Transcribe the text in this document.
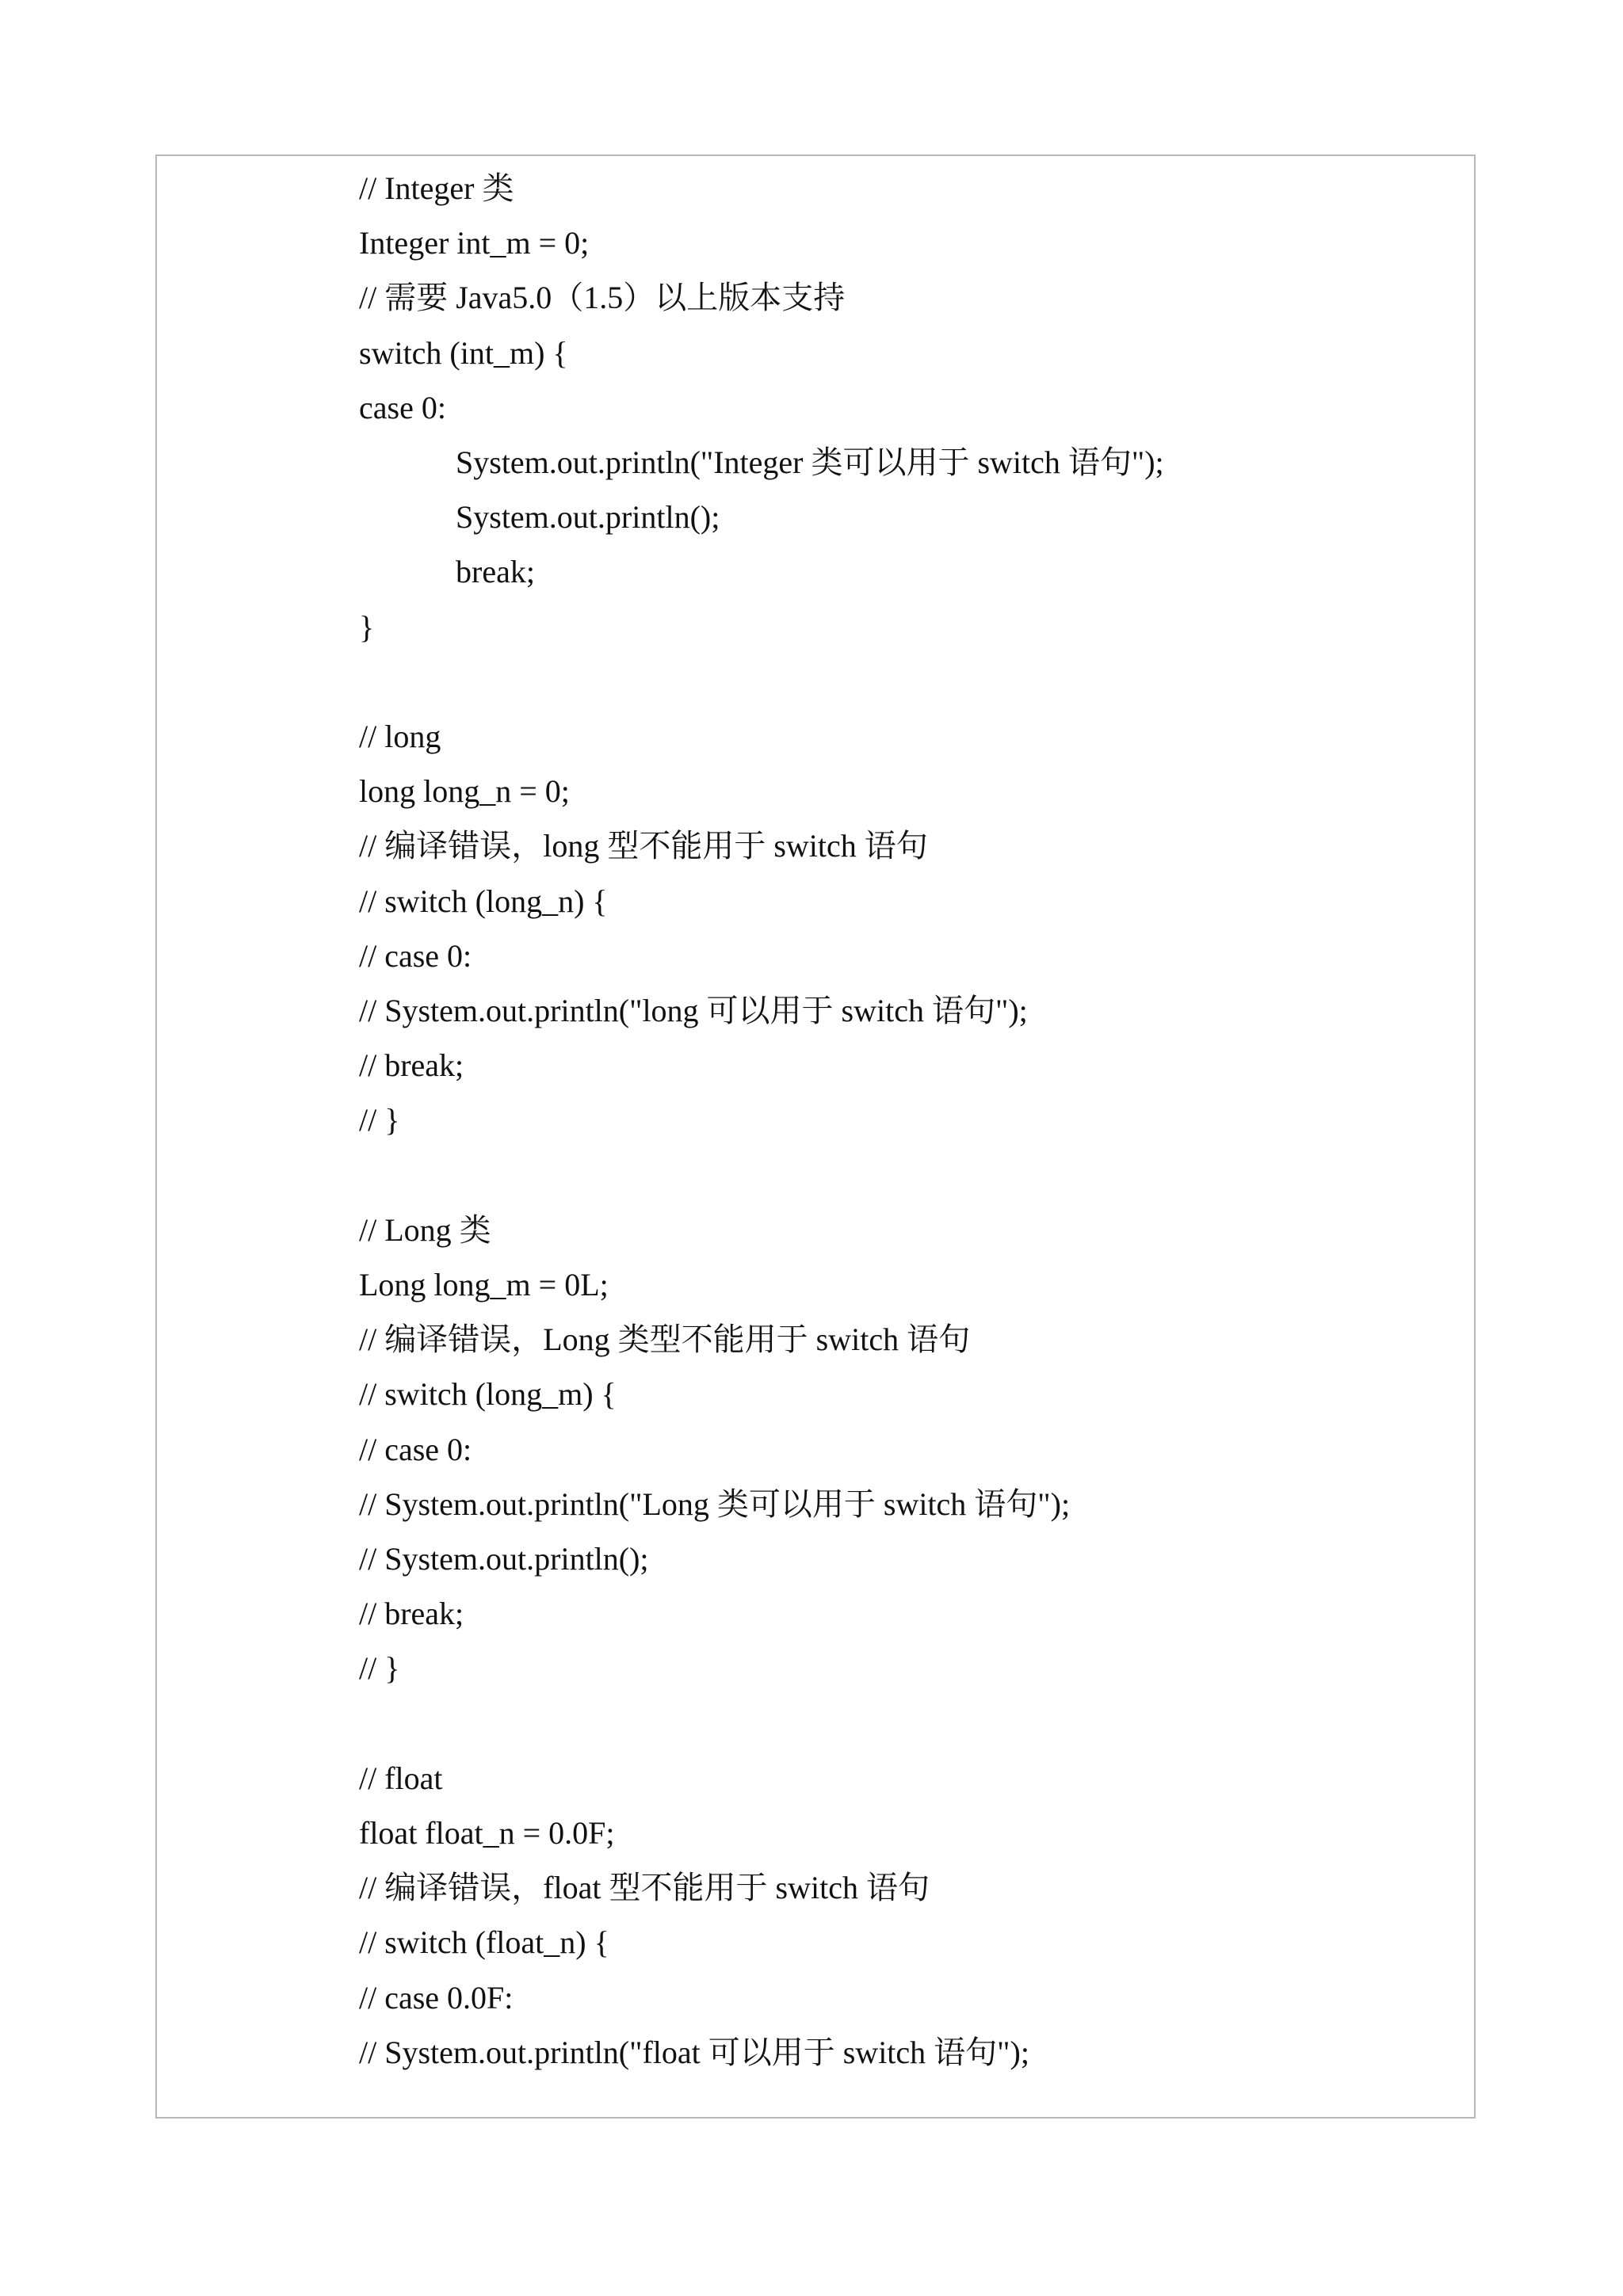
// Integer 类
Integer int_m = 0;
// 需要 Java5.0（1.5）以上版本支持
switch (int_m) {
case 0:
System.out.println("Integer 类可以用于 switch 语句");
System.out.println();
break;
}
// long
long long_n = 0;
// 编译错误，long 型不能用于 switch 语句
// switch (long_n) {
// case 0:
// System.out.println("long 可以用于 switch 语句");
// break;
// }
// Long 类
Long long_m = 0L;
// 编译错误，Long 类型不能用于 switch 语句
// switch (long_m) {
// case 0:
// System.out.println("Long 类可以用于 switch 语句");
// System.out.println();
// break;
// }
// float
float float_n = 0.0F;
// 编译错误，float 型不能用于 switch 语句
// switch (float_n) {
// case 0.0F:
// System.out.println("float 可以用于 switch 语句");
